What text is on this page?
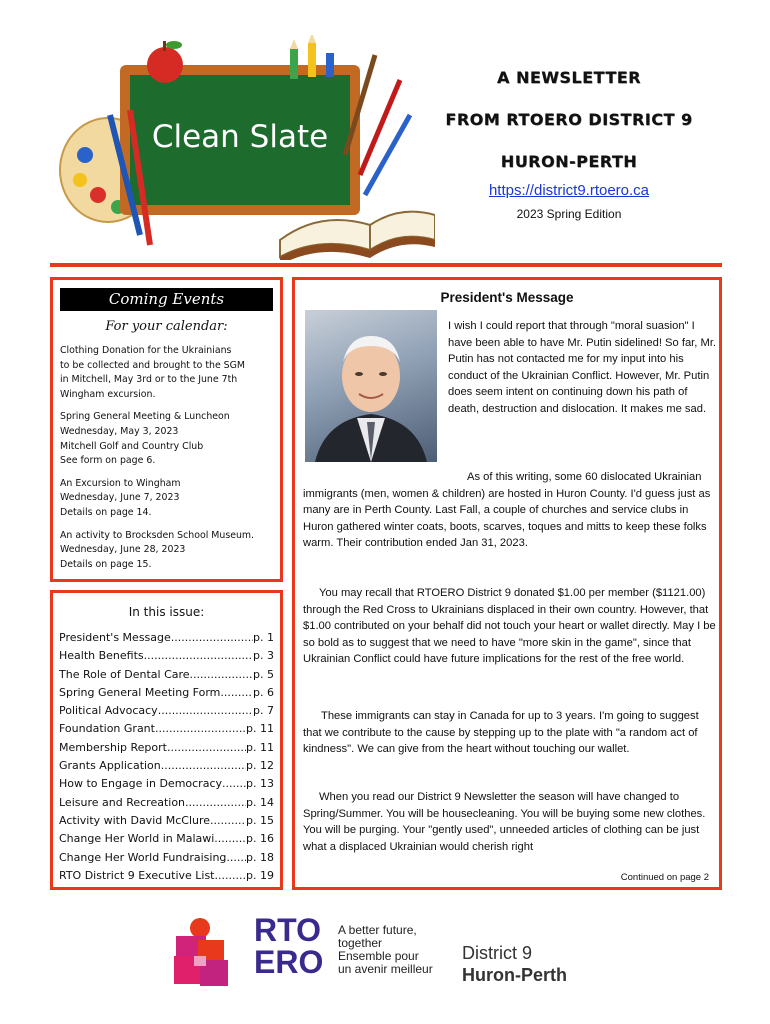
Clean Slate
A NEWSLETTER
FROM RTOERO DISTRICT 9
HURON-PERTH
https://district9.rtoero.ca
2023 Spring Edition
Coming Events
For your calendar:
Clothing Donation for the Ukrainians
to be collected and brought to the SGM
in Mitchell, May 3rd or to the June 7th
Wingham excursion.
Spring General Meeting & Luncheon
Wednesday, May 3, 2023
Mitchell Golf and Country Club
See form on page 6.
An Excursion to Wingham
Wednesday, June 7, 2023
Details on page 14.
An activity to Brocksden School Museum.
Wednesday, June 28, 2023
Details on page 15.
In this issue:
President's Message .....	p. 1
Health Benefits .....	p. 3
The Role of Dental Care .....	p. 5
Spring General Meeting Form .....	p. 6
Political Advocacy .....	p. 7
Foundation Grant .....	p. 11
Membership Report .....	p. 11
Grants Application .....	p. 12
How to Engage in Democracy ..... p. 13
Leisure and Recreation .....	p. 14
Activity with David McClure .....	p. 15
Change Her World in Malawi .....	p. 16
Change Her World Fundraising ..... p. 18
RTO District 9 Executive List .....	p. 19
President's Message

I wish I could report that through "moral suasion" I have been able to have Mr. Putin sidelined! So far, Mr. Putin has not contacted me for my input into his conduct of the Ukrainian Conflict. However, Mr. Putin does seem intent on continuing down his path of death, destruction and dislocation. It makes me sad.

As of this writing, some 60 dislocated Ukrainian immigrants (men, women & children) are hosted in Huron County. I'd guess just as many are in Perth County. Last Fall, a couple of churches and service clubs in Huron gathered winter coats, boots, scarves, toques and mitts to keep these folks warm. Their contribution ended Jan 31, 2023.

You may recall that RTOERO District 9 donated $1.00 per member ($1121.00) through the Red Cross to Ukrainians displaced in their own country. However, that $1.00 contributed on your behalf did not touch your heart or wallet directly. May I be so bold as to suggest that we need to have "more skin in the game", since that Ukrainian Conflict could have future implications for the rest of the free world.

These immigrants can stay in Canada for up to 3 years. I'm going to suggest that we contribute to the cause by stepping up to the plate with "a random act of kindness". We can give from the heart without touching our wallet.

When you read our District 9 Newsletter the season will have changed to Spring/Summer. You will be housecleaning. You will be buying some new clothes. You will be purging. Your "gently used", unneeded articles of clothing can be just what a displaced Ukrainian would cherish right

Continued on page 2
RTO
ERO
A better future,
together
Ensemble pour
un avenir meilleur
District 9
Huron-Perth
